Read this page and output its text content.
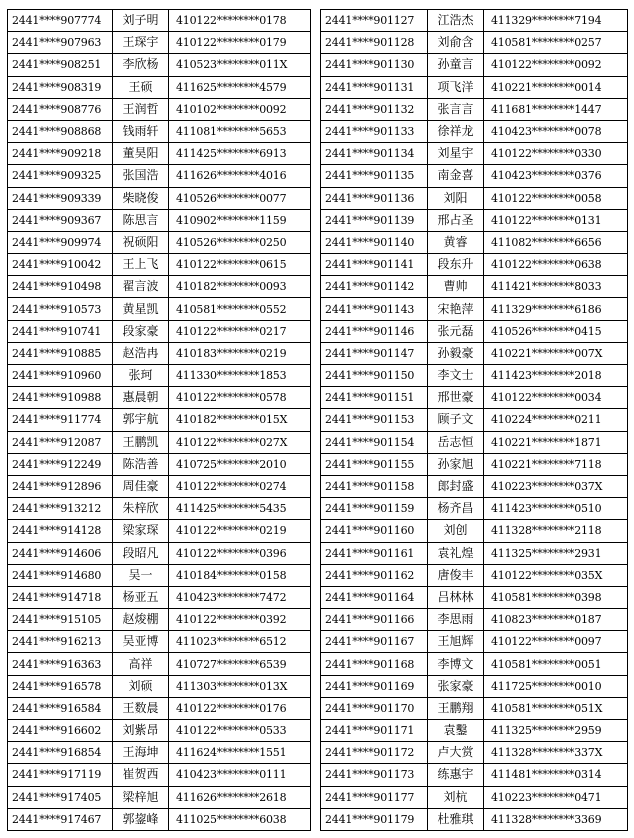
2441****907774	刘子明	410122********0178
2441****907963	王琛宇	410122********0179
2441****908251	李欣杨	410523********011X
2441****908319	王硕	411625********4579
2441****908776	王润哲	410102********0092
2441****908868	钱雨轩	411081********5653
2441****909218	董昊阳	411425********6913
2441****909325	张国浩	411626********4016
2441****909339	柴晓俊	410526********0077
2441****909367	陈思言	410902********1159
2441****909974	祝硕阳	410526********0250
2441****910042	王上飞	410122********0615
2441****910498	翟言波	410182********0093
2441****910573	黄星凯	410581********0552
2441****910741	段家豪	410122********0217
2441****910885	赵浩冉	410183********0219
2441****910960	张珂	411330********1853
2441****910988	惠晨朝	410122********0578
2441****911774	郭宇航	410182********015X
2441****912087	王鹏凯	410122********027X
2441****912249	陈浩善	410725********2010
2441****912896	周佳豪	410122********0274
2441****913212	朱梓欣	411425********5435
2441****914128	梁家琛	410122********0219
2441****914606	段昭凡	410122********0396
2441****914680	吴一	410184********0158
2441****914718	杨亚五	410423********7472
2441****915105	赵焌棚	410122********0392
2441****916213	吴亚博	411023********6512
2441****916363	高祥	410727********6539
2441****916578	刘硕	411303********013X
2441****916584	王数晨	410122********0176
2441****916602	刘紫昂	410122********0533
2441****916854	王海坤	411624********1551
2441****917119	崔贺西	410423********0111
2441****917405	梁梓旭	411626********2618
2441****917467	郭鋆峰	411025********6038
2441****901127	江浩杰	411329********7194
2441****901128	刘俞含	410581********0257
2441****901130	孙童言	410122********0092
2441****901131	项飞洋	410221********0014
2441****901132	张言言	411681********1447
2441****901133	徐祥龙	410423********0078
2441****901134	刘星宇	410122********0330
2441****901135	南金喜	410423********0376
2441****901136	刘阳	410122********0058
2441****901139	邢占圣	410122********0131
2441****901140	黄睿	411082********6656
2441****901141	段东升	410122********0638
2441****901142	曹帅	411421********8033
2441****901143	宋艳萍	411329********6186
2441****901146	张元磊	410526********0415
2441****901147	孙毅豪	410221********007X
2441****901150	李文士	411423********2018
2441****901151	邢世豪	410122********0034
2441****901153	顾子文	410224********0211
2441****901154	岳志恒	410221********1871
2441****901155	孙家旭	410221********7118
2441****901158	郎封盛	410223********037X
2441****901159	杨齐昌	411423********0510
2441****901160	刘创	411328********2118
2441****901161	袁礼煌	411325********2931
2441****901162	唐俊丰	410122********035X
2441****901164	吕林林	410581********0398
2441****901166	李思雨	410823********0187
2441****901167	王旭辉	410122********0097
2441****901168	李博文	410581********0051
2441****901169	张家豪	411725********0010
2441****901170	王鹏翔	410581********051X
2441****901171	袁鑿	411325********2959
2441****901172	卢大赏	411328********337X
2441****901173	练惠宇	411481********0314
2441****901177	刘杭	410223********0471
2441****901179	杜雅琪	411328********3369
